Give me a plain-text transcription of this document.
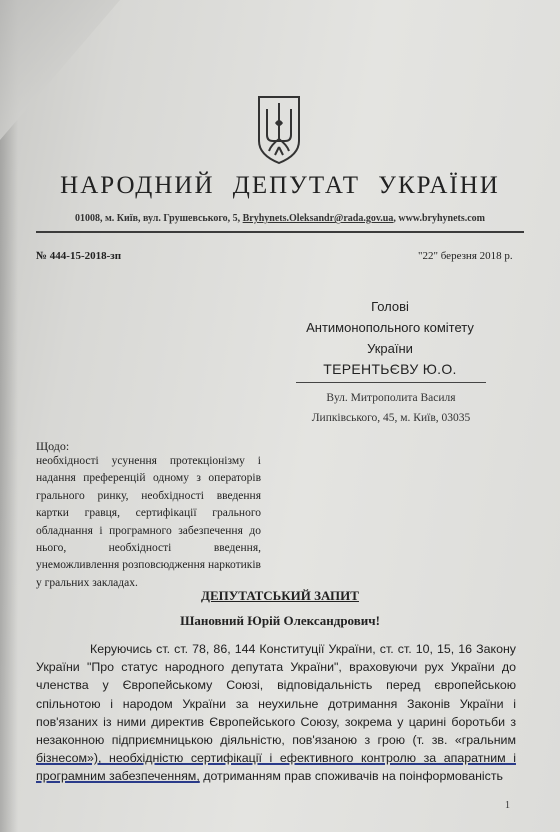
НАРОДНИЙ ДЕПУТАТ УКРАЇНИ
01008, м. Київ, вул. Грушевського, 5, Bryhynets.Oleksandr@rada.gov.ua, www.bryhynets.com
№ 444-15-2018-зп	"22" березня 2018 р.
Голові
Антимонопольного комітету
України
ТЕРЕНТЬЄВУ Ю.О.
Вул. Митрополита Василя
Липківського, 45, м. Київ, 03035
Щодо:
необхідності усунення протекціонізму і надання преференцій одному з операторів грального ринку, необхідності введення картки гравця, сертифікації грального обладнання і програмного забезпечення до нього, необхідності введення, унеможливлення розповсюдження наркотиків у гральних закладах.
ДЕПУТАТСЬКИЙ ЗАПИТ
Шановний Юрій Олександрович!
Керуючись ст. ст. 78, 86, 144 Конституції України, ст. ст. 10, 15, 16 Закону України "Про статус народного депутата України", враховуючи рух України до членства у Європейському Союзі, відповідальність перед європейською спільнотою і народом України за неухильне дотримання Законів України і пов'язаних із ними директив Європейського Союзу, зокрема у царині боротьби з незаконною підприємницькою діяльністю, пов'язаною з грою (т. зв. «гральним бізнесом»), необхідністю сертифікації і ефективного контролю за апаратним і програмним забезпеченням, дотриманням прав споживачів на поінформованість
1
